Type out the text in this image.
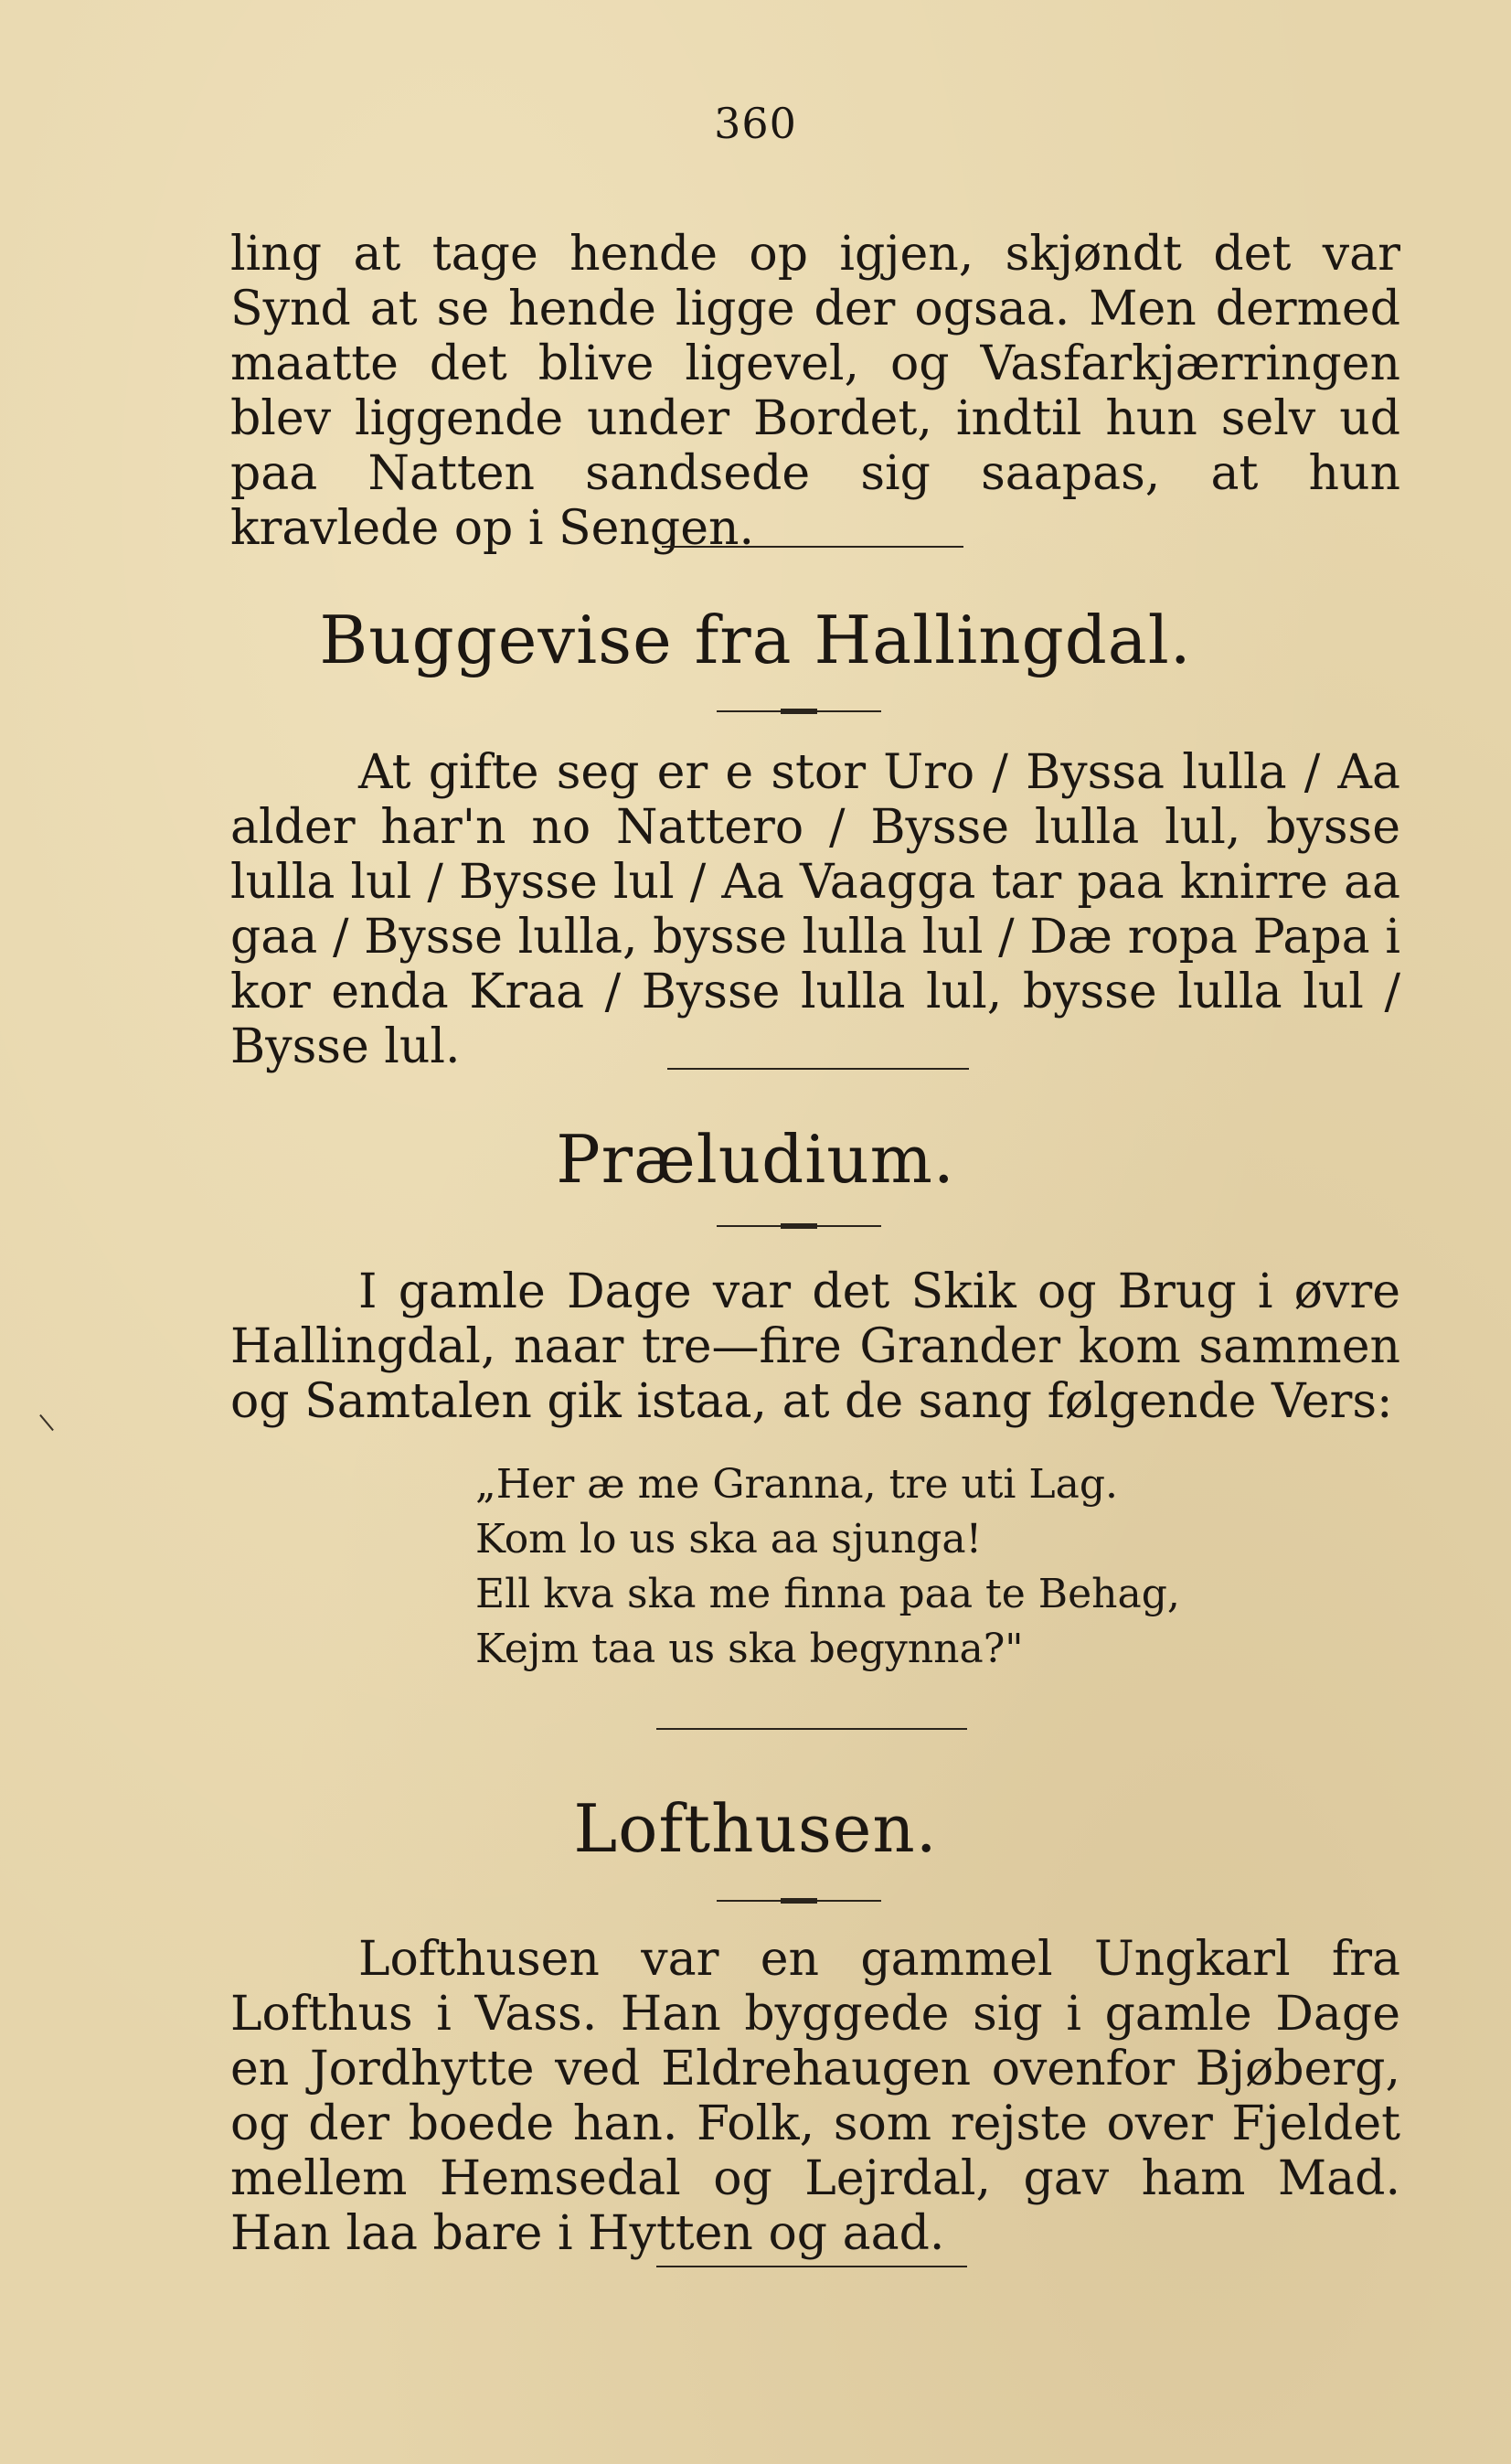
360
ling at tage hende op igjen, skjøndt det var Synd at se hende ligge der ogsaa. Men dermed maatte det blive ligevel, og Vasfarkjærringen blev liggende under Bordet, indtil hun selv ud paa Natten sandsede sig saapas, at hun kravlede op i Sengen.
Buggevise fra Hallingdal.
At gifte seg er e stor Uro / Byssa lulla / Aa alder har'n no Nattero / Bysse lulla lul, bysse lulla lul / Bysse lul / Aa Vaagga tar paa knirre aa gaa / Bysse lulla, bysse lulla lul / Dæ ropa Papa i kor enda Kraa / Bysse lulla lul, bysse lulla lul / Bysse lul.
Præludium.
I gamle Dage var det Skik og Brug i øvre Hallingdal, naar tre—fire Grander kom sammen og Samtalen gik istaa, at de sang følgende Vers:
„Her æ me Granna, tre uti Lag.
Kom lo us ska aa sjunga!
Ell kva ska me finna paa te Behag,
Kejm taa us ska begynna?"
Lofthusen.
Lofthusen var en gammel Ungkarl fra Lofthus i Vass. Han byggede sig i gamle Dage en Jordhytte ved Eldrehaugen ovenfor Bjøberg, og der boede han. Folk, som rejste over Fjeldet mellem Hemsedal og Lejrdal, gav ham Mad. Han laa bare i Hytten og aad.
